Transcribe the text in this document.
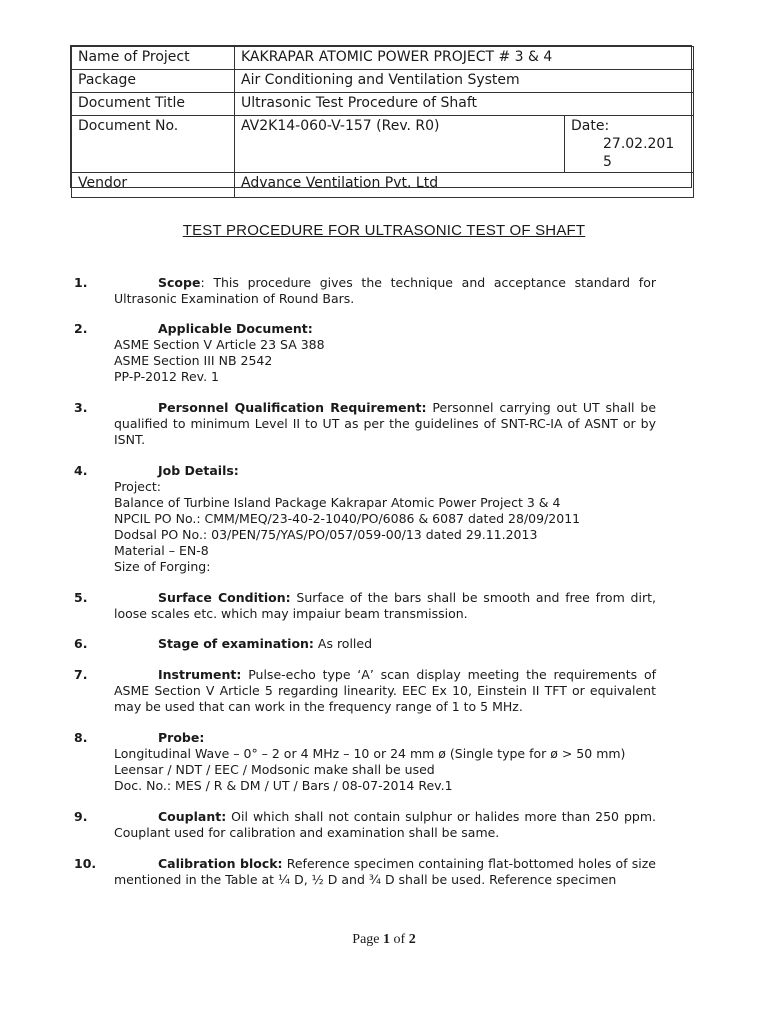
Name of Project	KAKRAPAR ATOMIC POWER PROJECT # 3 & 4	
Package	Air Conditioning and Ventilation System	
Document Title	Ultrasonic Test Procedure of Shaft	
Document No.	AV2K14-060-V-157 (Rev. R0)	Date:
27.02.2015

Vendor	Advance Ventilation Pvt. Ltd	
TEST PROCEDURE FOR ULTRASONIC TEST OF SHAFT
1.	Scope: This procedure gives the technique and acceptance standard for Ultrasonic Examination of Round Bars.

2.	Applicable Document:

ASME Section V Article 23 SA 388

ASME Section III NB 2542

PP-P-2012 Rev. 1

3.	Personnel Qualification Requirement: Personnel carrying out UT shall be qualified to minimum Level II to UT as per the guidelines of SNT-RC-IA of ASNT or by ISNT.

4.	Job Details:

Project:

Balance of Turbine Island Package Kakrapar Atomic Power Project 3 & 4

NPCIL PO No.: CMM/MEQ/23-40-2-1040/PO/6086 & 6087 dated 28/09/2011

Dodsal PO No.: 03/PEN/75/YAS/PO/057/059-00/13 dated 29.11.2013

Material – EN-8

Size of Forging:

5.	Surface Condition: Surface of the bars shall be smooth and free from dirt, loose scales etc. which may impaiur beam transmission.

6.	Stage of examination: As rolled

7.	Instrument: Pulse-echo type ‘A’ scan display meeting the requirements of ASME Section V Article 5 regarding linearity. EEC Ex 10, Einstein II TFT or equivalent may be used that can work in the frequency range of 1 to 5 MHz.

8.	Probe:

Longitudinal Wave – 0° – 2 or 4 MHz – 10 or 24 mm ø (Single type for ø > 50 mm)

Leensar / NDT / EEC / Modsonic make shall be used

Doc. No.: MES / R & DM / UT / Bars / 08-07-2014 Rev.1

9.	Couplant: Oil which shall not contain sulphur or halides more than 250 ppm. Couplant used for calibration and examination shall be same.

10.	Calibration block: Reference specimen containing flat-bottomed holes of size mentioned in the Table at ¼ D, ½ D and ¾ D shall be used. Reference specimen

Page 1 of 2
